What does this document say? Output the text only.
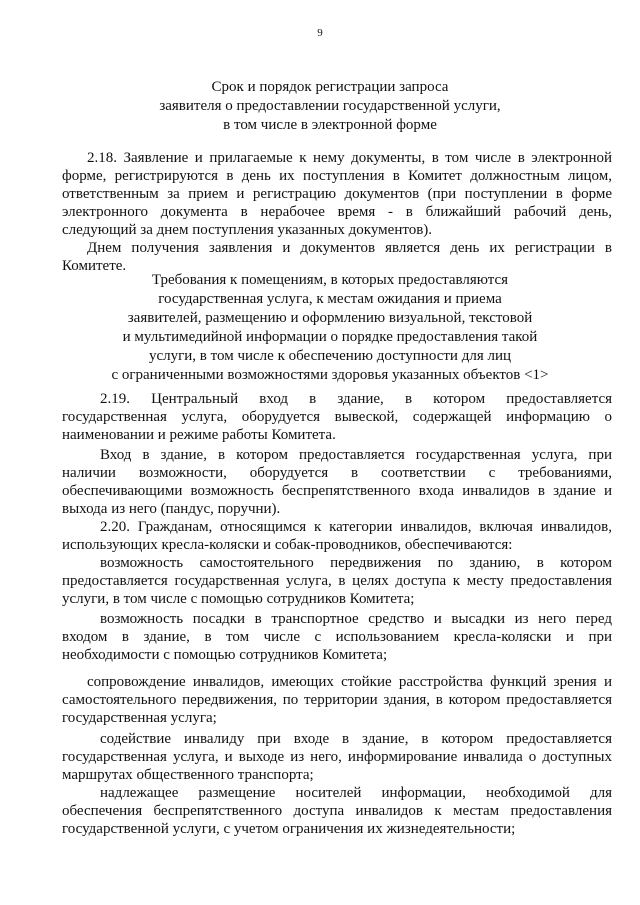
9
Срок и порядок регистрации запроса
заявителя о предоставлении государственной услуги,
в том числе в электронной форме
2.18. Заявление и прилагаемые к нему документы, в том числе в электронной
форме, регистрируются в день их поступления в Комитет должностным лицом,
ответственным за прием и регистрацию документов (при поступлении в форме
электронного документа в нерабочее время - в ближайший рабочий день,
следующий за днем поступления указанных документов).
Днем получения заявления и документов является день их регистрации в
Комитете.
Требования к помещениям, в которых предоставляются
государственная услуга, к местам ожидания и приема
заявителей, размещению и оформлению визуальной, текстовой
и мультимедийной информации о порядке предоставления такой
услуги, в том числе к обеспечению доступности для лиц
с ограниченными возможностями здоровья указанных объектов <1>
2.19. Центральный вход в здание, в котором предоставляется
государственная услуга, оборудуется вывеской, содержащей информацию о
наименовании и режиме работы Комитета.
Вход в здание, в котором предоставляется государственная услуга, при
наличии возможности, оборудуется в соответствии с требованиями,
обеспечивающими возможность беспрепятственного входа инвалидов в здание и
выхода из него (пандус, поручни).
2.20. Гражданам, относящимся к категории инвалидов, включая инвалидов,
использующих кресла-коляски и собак-проводников, обеспечиваются:
возможность самостоятельного передвижения по зданию, в котором
предоставляется государственная услуга, в целях доступа к месту предоставления
услуги, в том числе с помощью сотрудников Комитета;
возможность посадки в транспортное средство и высадки из него перед
входом в здание, в том числе с использованием кресла-коляски и при
необходимости с помощью сотрудников Комитета;
сопровождение инвалидов, имеющих стойкие расстройства функций зрения и
самостоятельного передвижения, по территории здания, в котором предоставляется
государственная услуга;
содействие инвалиду при входе в здание, в котором предоставляется
государственная услуга, и выходе из него, информирование инвалида о доступных
маршрутах общественного транспорта;
надлежащее размещение носителей информации, необходимой для
обеспечения беспрепятственного доступа инвалидов к местам предоставления
государственной услуги, с учетом ограничения их жизнедеятельности;
